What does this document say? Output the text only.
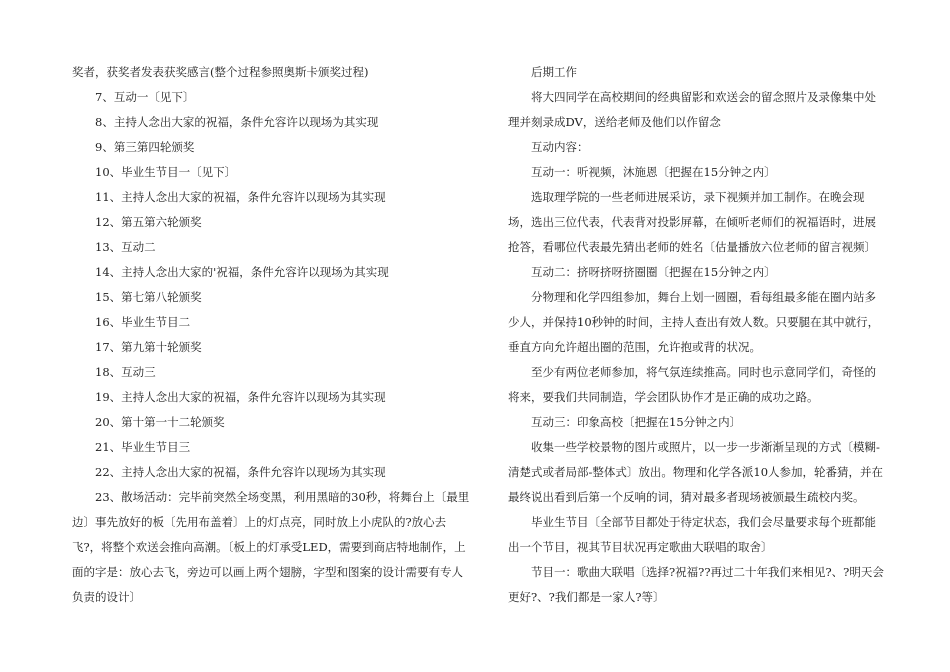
奖者，获奖者发表获奖感言(整个过程参照奥斯卡颁奖过程)

7、互动一〔见下〕

8、主持人念出大家的祝福，条件允容许以现场为其实现

9、第三第四轮颁奖

10、毕业生节目一〔见下〕

11、主持人念出大家的祝福，条件允容许以现场为其实现

12、第五第六轮颁奖

13、互动二

14、主持人念出大家的'祝福，条件允容许以现场为其实现

15、第七第八轮颁奖

16、毕业生节目二

17、第九第十轮颁奖

18、互动三

19、主持人念出大家的祝福，条件允容许以现场为其实现

20、第十第一十二轮颁奖

21、毕业生节目三

22、主持人念出大家的祝福，条件允容许以现场为其实现

23、散场活动：完毕前突然全场变黑，利用黑暗的30秒，将舞台上〔最里边〕事先放好的板〔先用布盖着〕上的灯点亮，同时放上小虎队的?放心去飞?，将整个欢送会推向高潮。〔板上的灯承受LED，需要到商店特地制作，上面的字是：放心去飞，旁边可以画上两个翅膀，字型和图案的设计需要有专人负责的设计〕

后期工作

将大四同学在高校期间的经典留影和欢送会的留念照片及录像集中处理并刻录成DV，送给老师及他们以作留念

互动内容：

互动一：听视频，沐施恩〔把握在15分钟之内〕

选取理学院的一些老师进展采访，录下视频并加工制作。在晚会现场，选出三位代表，代表背对投影屏幕，在倾听老师们的祝福语时，进展抢答，看哪位代表最先猜出老师的姓名〔估量播放六位老师的留言视频〕

互动二：挤呀挤呀挤圈圈〔把握在15分钟之内〕

分物理和化学四组参加，舞台上划一圆圈，看每组最多能在圈内站多少人，并保持10秒钟的时间，主持人查出有效人数。只要腿在其中就行，垂直方向允许超出圈的范围，允许抱或背的状况。

至少有两位老师参加，将气氛连续推高。同时也示意同学们，奇怪的将来，要我们共同制造，学会团队协作才是正确的成功之路。

互动三：印象高校〔把握在15分钟之内〕

收集一些学校景物的图片或照片，以一步一步渐渐呈现的方式〔模糊-清楚式或者局部-整体式〕放出。物理和化学各派10人参加，轮番猜，并在最终说出看到后第一个反响的词，猜对最多者现场被颁最生疏校内奖。

毕业生节目〔全部节目都处于待定状态，我们会尽量要求每个班都能出一个节目，视其节目状况再定歌曲大联唱的取舍〕

节目一：歌曲大联唱〔选择?祝福??再过二十年我们来相见?、?明天会更好?、?我们都是一家人?等〕
